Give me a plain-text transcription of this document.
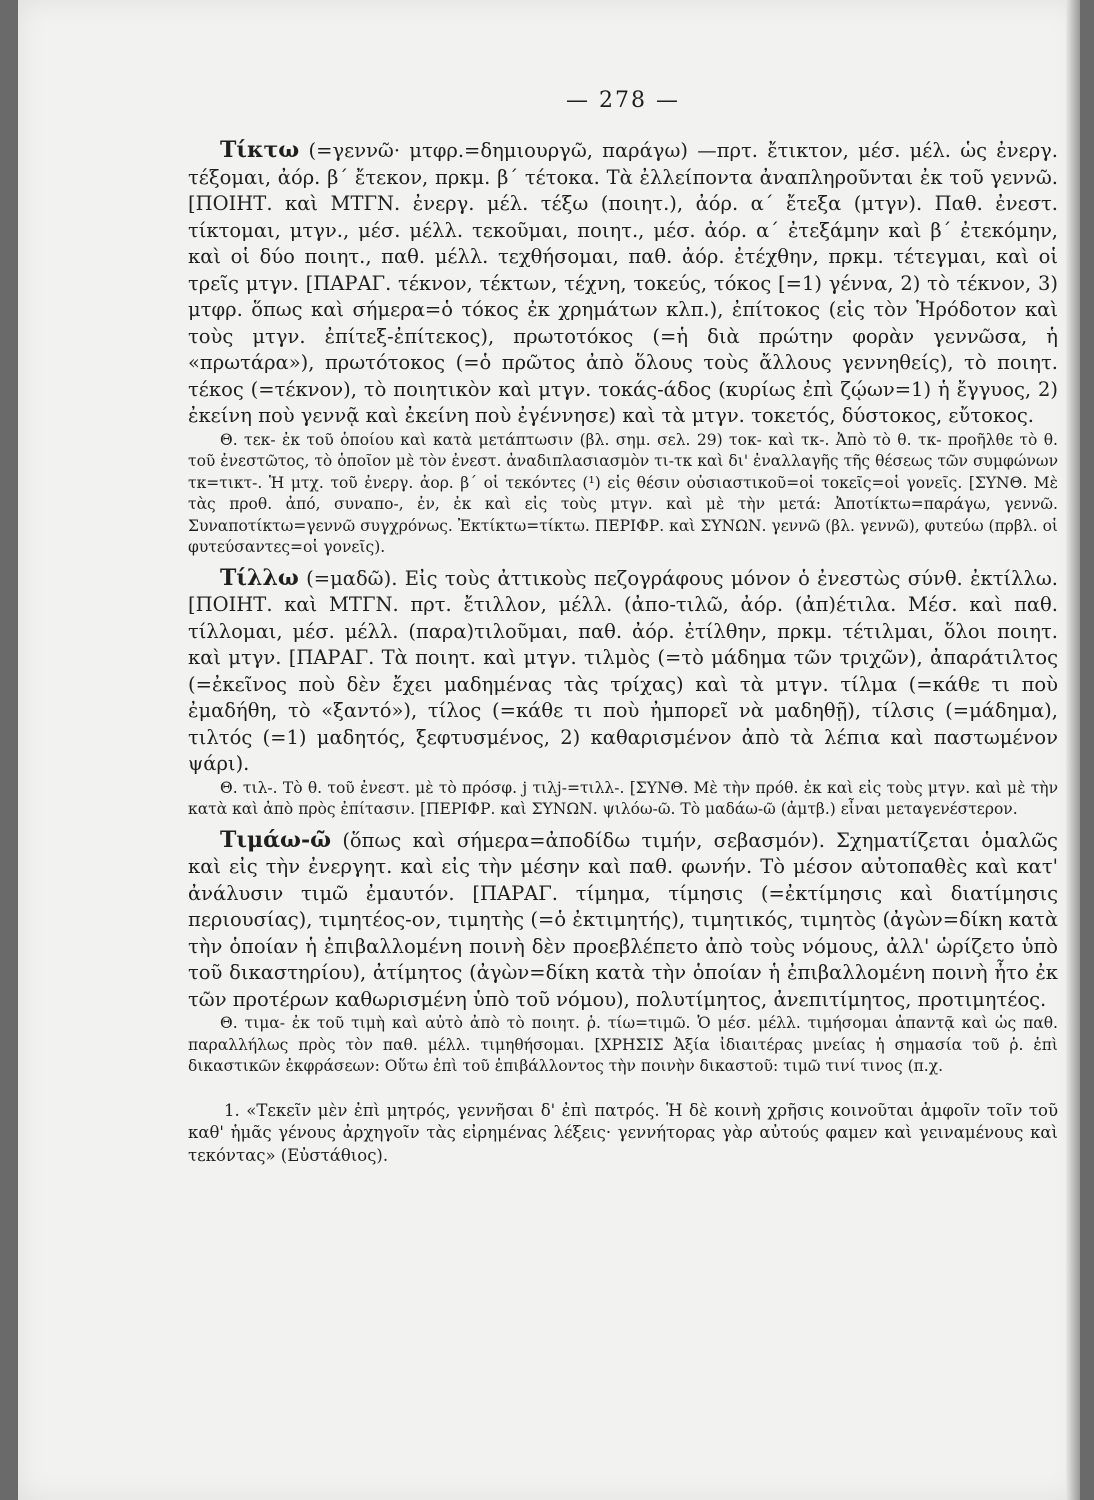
— 278 —

Τίκτω (=γεννῶ· μτφρ.=δημιουργῶ, παράγω) —πρτ. ἔτικτον, μέσ. μέλ. ὡς ἐνεργ. τέξομαι, ἀόρ. β΄ ἔτεκον, πρκμ. β΄ τέτοκα. Τὰ ἐλλείποντα ἀναπληροῦνται ἐκ τοῦ γεννῶ. [ΠΟΙΗΤ. καὶ ΜΤΓΝ. ἐνεργ. μέλ. τέξω (ποιητ.), ἀόρ. α΄ ἔτεξα (μτγν). Παθ. ἐνεστ. τίκτομαι, μτγν., μέσ. μέλλ. τεκοῦμαι, ποιητ., μέσ. ἀόρ. α΄ ἐτεξάμην καὶ β΄ ἐτεκόμην, καὶ οἱ δύο ποιητ., παθ. μέλλ. τεχθήσομαι, παθ. ἀόρ. ἐτέχθην, πρκμ. τέτεγμαι, καὶ οἱ τρεῖς μτγν. [ΠΑΡΑΓ. τέκνον, τέκτων, τέχνη, τοκεύς, τόκος [=1) γέννα, 2) τὸ τέκνον, 3) μτφρ. ὅπως καὶ σήμερα=ὁ τόκος ἐκ χρημάτων κλπ.), ἐπίτοκος (εἰς τὸν Ἡρόδοτον καὶ τοὺς μτγν. ἐπίτεξ-ἐπίτεκος), πρωτοτόκος (=ἡ διὰ πρώτην φορὰν γεννῶσα, ἡ «πρωτάρα»), πρωτότοκος (=ὁ πρῶτος ἀπὸ ὅλους τοὺς ἄλλους γεννηθείς), τὸ ποιητ. τέκος (=τέκνον), τὸ ποιητικὸν καὶ μτγν. τοκάς-άδος (κυρίως ἐπὶ ζῴων=1) ἡ ἔγγυος, 2) ἐκείνη ποὺ γεννᾷ καὶ ἐκείνη ποὺ ἐγέννησε) καὶ τὰ μτγν. τοκετός, δύστοκος, εὔτοκος.

Θ. τεκ- ἐκ τοῦ ὁποίου καὶ κατὰ μετάπτωσιν (βλ. σημ. σελ. 29) τοκ- καὶ τκ-. Ἀπὸ τὸ θ. τκ- προῆλθε τὸ θ. τοῦ ἐνεστῶτος, τὸ ὁποῖον μὲ τὸν ἐνεστ. ἀναδιπλασιασμὸν τι-τκ καὶ δι' ἐναλλαγῆς τῆς θέσεως τῶν συμφώνων τκ=τικτ-. Ἡ μτχ. τοῦ ἐνεργ. ἀορ. β΄ οἱ τεκόντες (¹) εἰς θέσιν οὐσιαστικοῦ=οἱ τοκεῖς=οἱ γονεῖς. [ΣΥΝΘ. Μὲ τὰς προθ. ἀπό, συναπο-, ἐν, ἐκ καὶ εἰς τοὺς μτγν. καὶ μὲ τὴν μετά: Ἀποτίκτω=παράγω, γεννῶ. Συναποτίκτω=γεννῶ συγχρόνως. Ἐκτίκτω=τίκτω. ΠΕΡΙΦΡ. καὶ ΣΥΝΩΝ. γεννῶ (βλ. γεννῶ), φυτεύω (πρβλ. οἱ φυτεύσαντες=οἱ γονεῖς).

Τίλλω (=μαδῶ). Εἰς τοὺς ἀττικοὺς πεζογράφους μόνον ὁ ἐνεστὼς σύνθ. ἐκτίλλω. [ΠΟΙΗΤ. καὶ ΜΤΓΝ. πρτ. ἔτιλλον, μέλλ. (ἀπο-τιλῶ, ἀόρ. (ἀπ)έτιλα. Μέσ. καὶ παθ. τίλλομαι, μέσ. μέλλ. (παρα)τιλοῦμαι, παθ. ἀόρ. ἐτίλθην, πρκμ. τέτιλμαι, ὅλοι ποιητ. καὶ μτγν. [ΠΑΡΑΓ. Τὰ ποιητ. καὶ μτγν. τιλμὸς (=τὸ μάδημα τῶν τριχῶν), ἀπαράτιλτος (=ἐκεῖνος ποὺ δὲν ἔχει μαδημένας τὰς τρίχας) καὶ τὰ μτγν. τίλμα (=κάθε τι ποὺ ἐμαδήθη, τὸ «ξαντό»), τίλος (=κάθε τι ποὺ ἠμπορεῖ νὰ μαδηθῇ), τίλσις (=μάδημα), τιλτός (=1) μαδητός, ξεφτυσμένος, 2) καθαρισμένον ἀπὸ τὰ λέπια καὶ παστωμένον ψάρι).

Θ. τιλ-. Τὸ θ. τοῦ ἐνεστ. μὲ τὸ πρόσφ. j τιλj-=τιλλ-. [ΣΥΝΘ. Μὲ τὴν πρόθ. ἐκ καὶ εἰς τοὺς μτγν. καὶ μὲ τὴν κατὰ καὶ ἀπὸ πρὸς ἐπίτασιν. [ΠΕΡΙΦΡ. καὶ ΣΥΝΩΝ. ψιλόω-ῶ. Τὸ μαδάω-ῶ (ἀμτβ.) εἶναι μεταγενέστερον.

Τιμάω-ῶ (ὅπως καὶ σήμερα=ἀποδίδω τιμήν, σεβασμόν). Σχηματίζεται ὁμαλῶς καὶ εἰς τὴν ἐνεργητ. καὶ εἰς τὴν μέσην καὶ παθ. φωνήν. Τὸ μέσον αὐτοπαθὲς καὶ κατ' ἀνάλυσιν τιμῶ ἐμαυτόν. [ΠΑΡΑΓ. τίμημα, τίμησις (=ἐκτίμησις καὶ διατίμησις περιουσίας), τιμητέος-ον, τιμητὴς (=ὁ ἐκτιμητής), τιμητικός, τιμητὸς (ἀγὼν=δίκη κατὰ τὴν ὁποίαν ἡ ἐπιβαλλομένη ποινὴ δὲν προεβλέπετο ἀπὸ τοὺς νόμους, ἀλλ' ὡρίζετο ὑπὸ τοῦ δικαστηρίου), ἀτίμητος (ἀγὼν=δίκη κατὰ τὴν ὁποίαν ἡ ἐπιβαλλομένη ποινὴ ἦτο ἐκ τῶν προτέρων καθωρισμένη ὑπὸ τοῦ νόμου), πολυτίμητος, ἀνεπιτίμητος, προτιμητέος.

Θ. τιμα- ἐκ τοῦ τιμὴ καὶ αὐτὸ ἀπὸ τὸ ποιητ. ῥ. τίω=τιμῶ. Ὁ μέσ. μέλλ. τιμήσομαι ἀπαντᾷ καὶ ὡς παθ. παραλλήλως πρὸς τὸν παθ. μέλλ. τιμηθήσομαι. [ΧΡΗΣΙΣ Ἀξία ἰδιαιτέρας μνείας ἡ σημασία τοῦ ῥ. ἐπὶ δικαστικῶν ἐκφράσεων: Οὕτω ἐπὶ τοῦ ἐπιβάλλοντος τὴν ποινὴν δικαστοῦ: τιμῶ τινί τινος (π.χ.

1. «Τεκεῖν μὲν ἐπὶ μητρός, γεννῆσαι δ' ἐπὶ πατρός. Ἡ δὲ κοινὴ χρῆσις κοινοῦται ἀμφοῖν τοῖν τοῦ καθ' ἡμᾶς γένους ἀρχηγοῖν τὰς εἰρημένας λέξεις· γεννήτορας γὰρ αὐτούς φαμεν καὶ γειναμένους καὶ τεκόντας» (Εὐστάθιος).
